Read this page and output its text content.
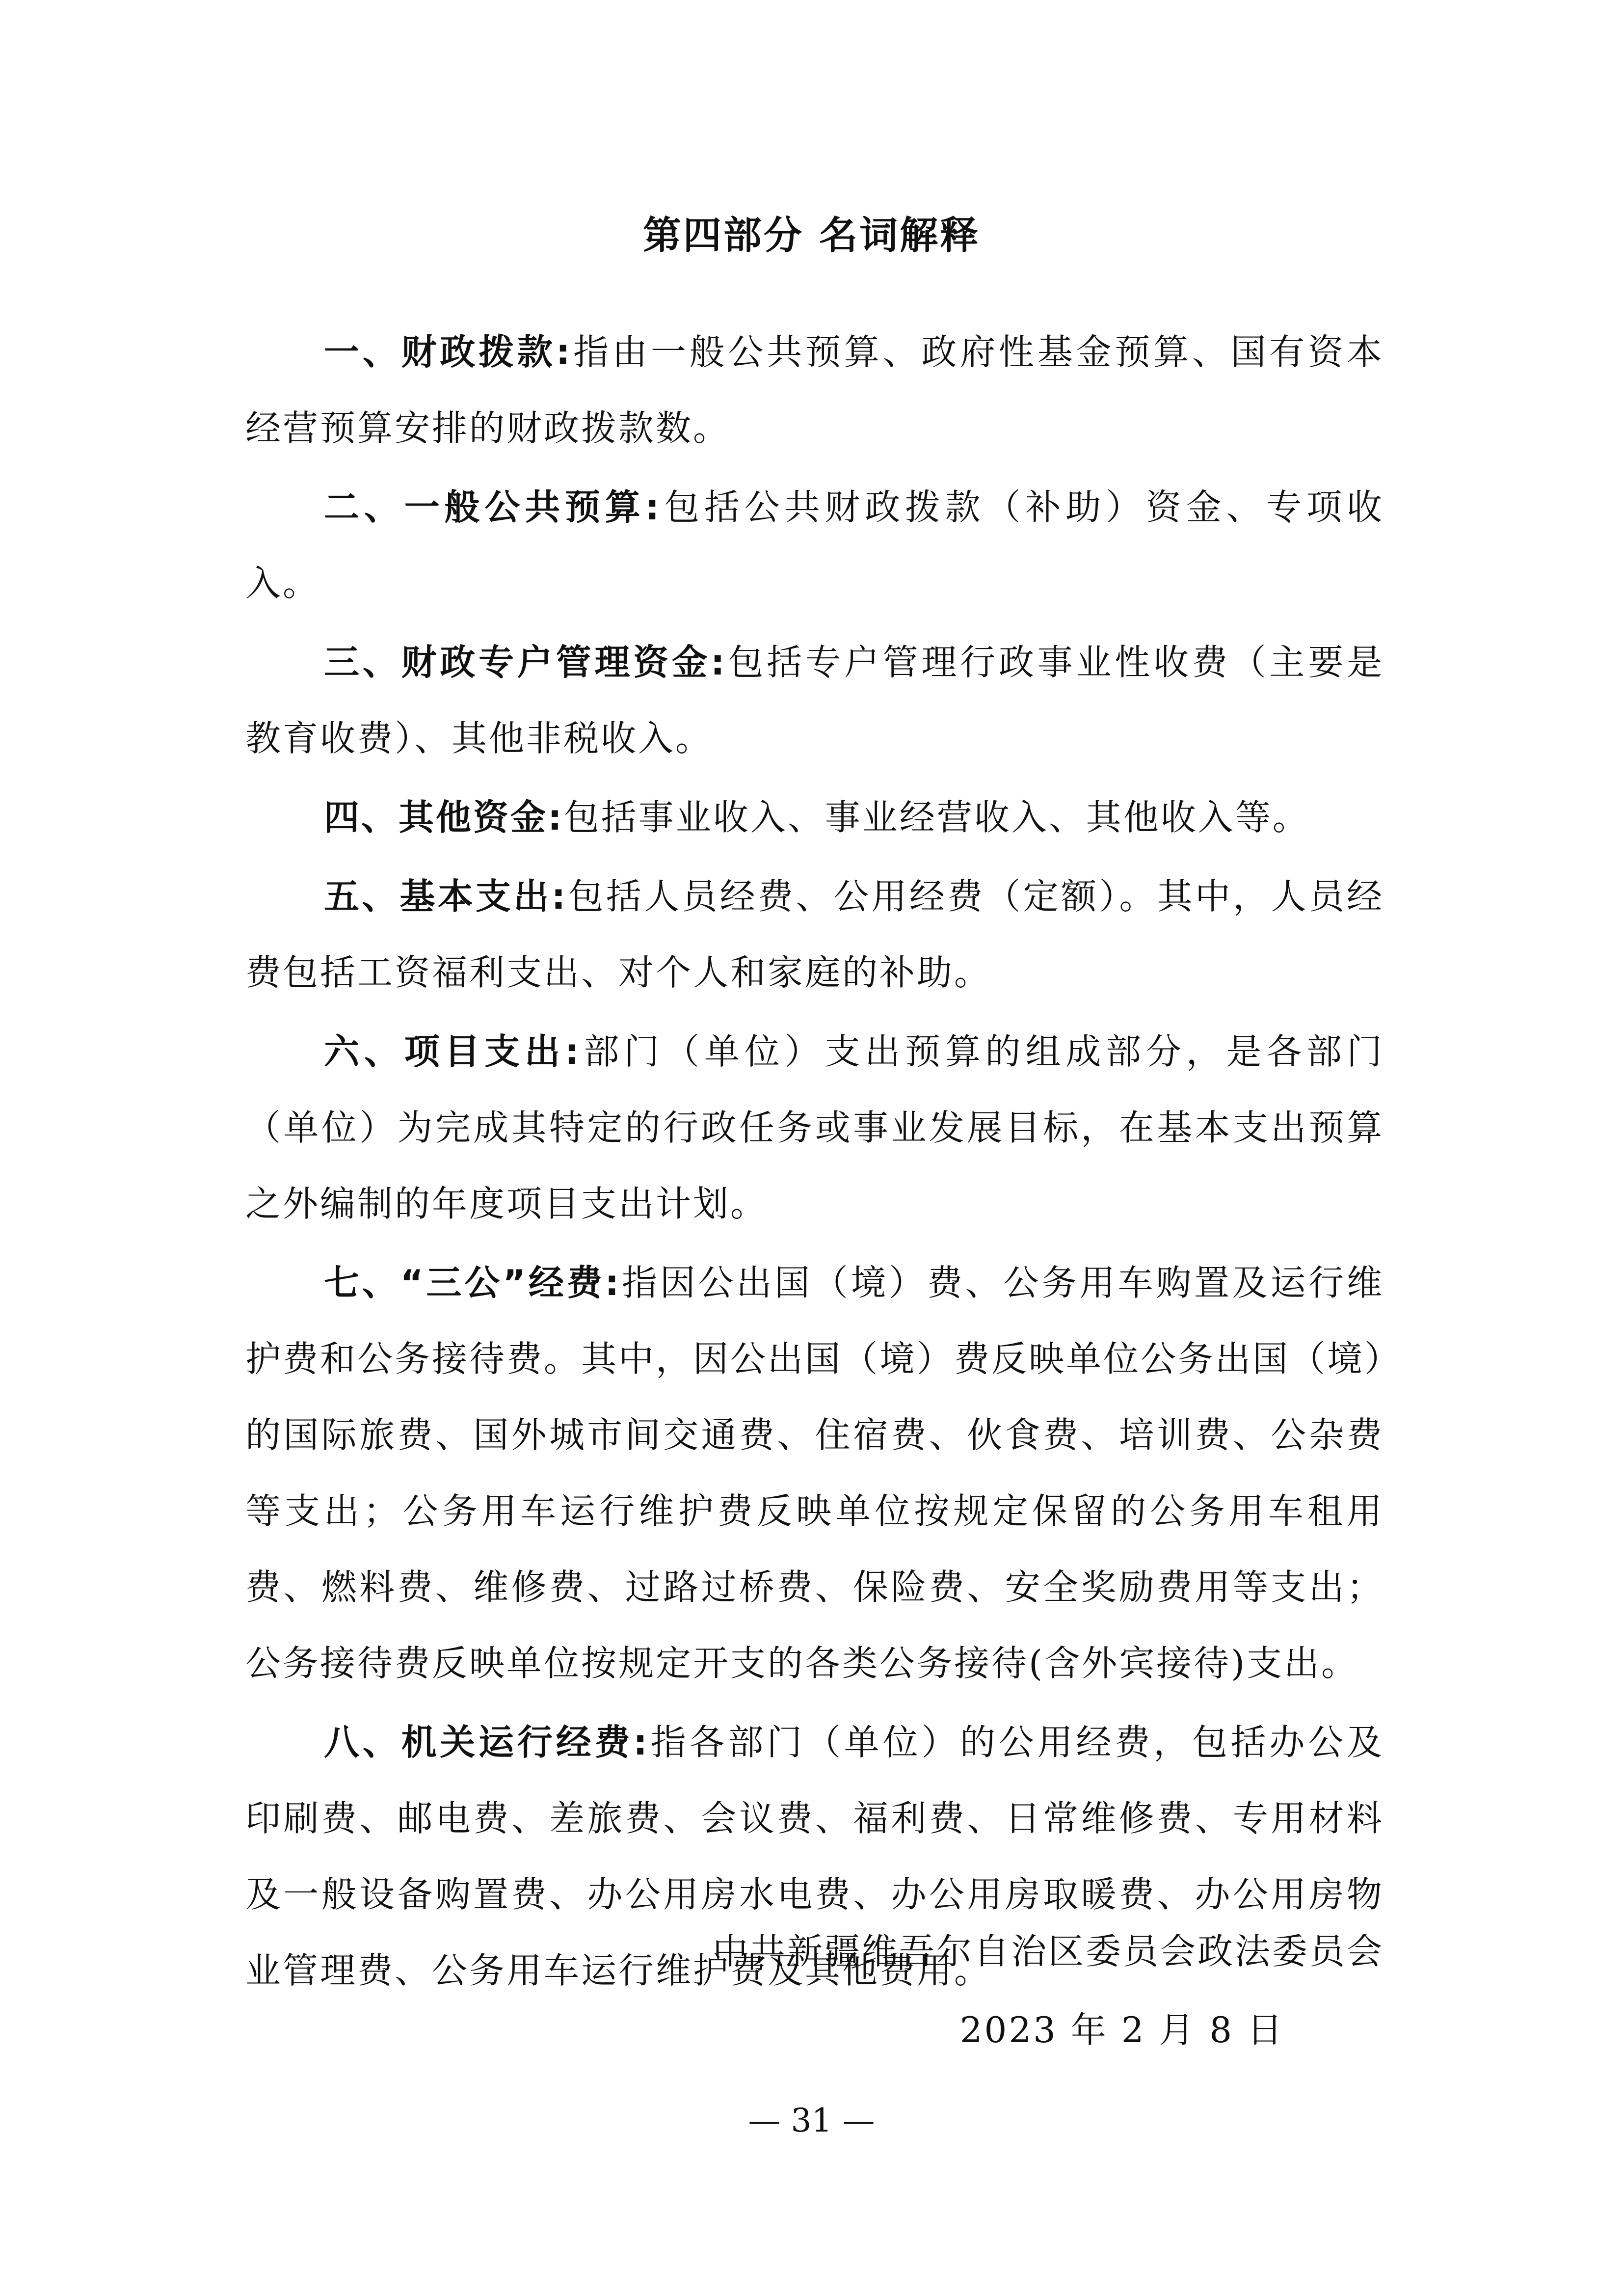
第四部分 名词解释

一、财政拨款:指由一般公共预算、政府性基金预算、国有资本经营预算安排的财政拨款数。

二、一般公共预算:包括公共财政拨款（补助）资金、专项收入。

三、财政专户管理资金:包括专户管理行政事业性收费（主要是教育收费）、其他非税收入。

四、其他资金:包括事业收入、事业经营收入、其他收入等。

五、基本支出:包括人员经费、公用经费（定额）。其中，人员经费包括工资福利支出、对个人和家庭的补助。

六、项目支出:部门（单位）支出预算的组成部分，是各部门（单位）为完成其特定的行政任务或事业发展目标，在基本支出预算之外编制的年度项目支出计划。

七、“三公”经费:指因公出国（境）费、公务用车购置及运行维护费和公务接待费。其中，因公出国（境）费反映单位公务出国（境）的国际旅费、国外城市间交通费、住宿费、伙食费、培训费、公杂费等支出；公务用车运行维护费反映单位按规定保留的公务用车租用费、燃料费、维修费、过路过桥费、保险费、安全奖励费用等支出；公务接待费反映单位按规定开支的各类公务接待(含外宾接待)支出。

八、机关运行经费:指各部门（单位）的公用经费，包括办公及印刷费、邮电费、差旅费、会议费、福利费、日常维修费、专用材料及一般设备购置费、办公用房水电费、办公用房取暖费、办公用房物业管理费、公务用车运行维护费及其他费用。

中共新疆维吾尔自治区委员会政法委员会
2023 年 2 月 8 日
— 31 —
